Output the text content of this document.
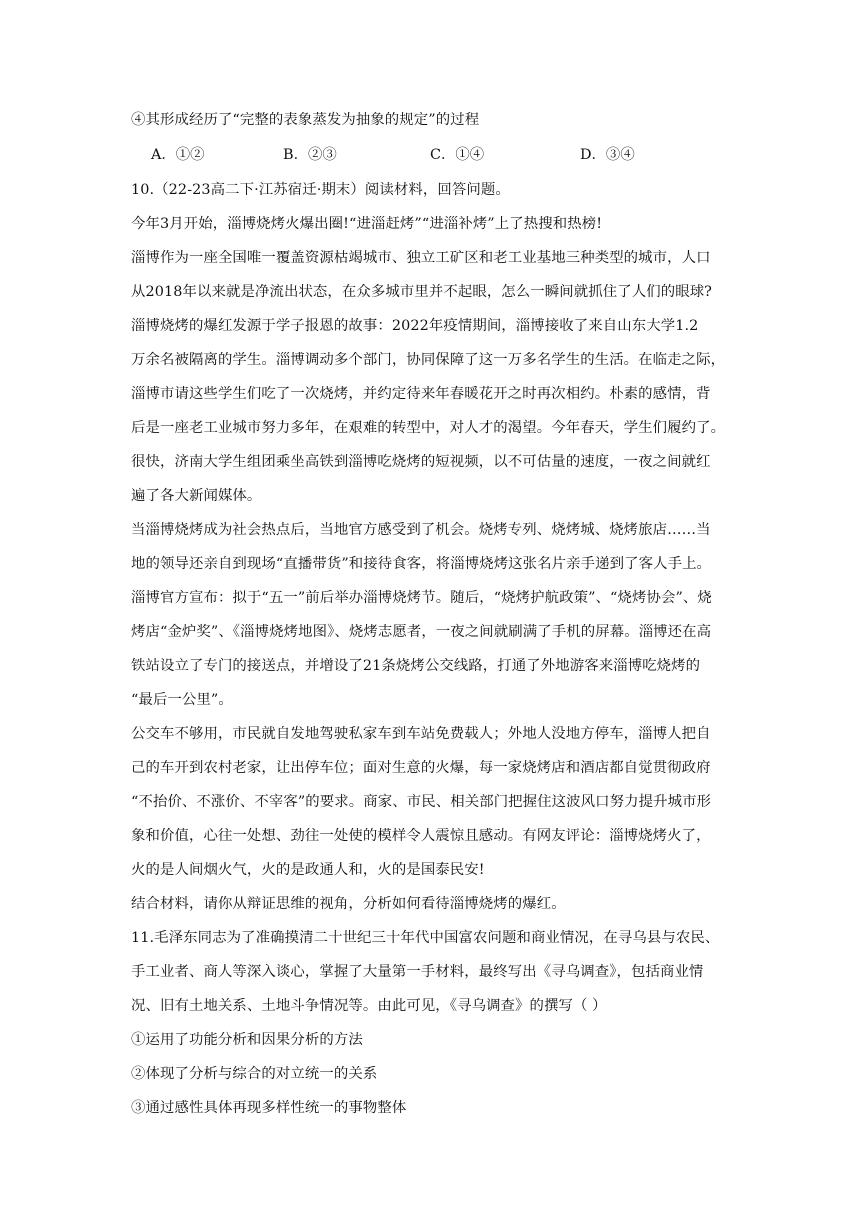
④其形成经历了“完整的表象蒸发为抽象的规定”的过程
A．①②	B．②③	C．①④	D．③④
10.（22-23高二下·江苏宿迁·期末）阅读材料，回答问题。
今年3月开始，淄博烧烤火爆出圈!“进淄赶烤”“进淄补烤”上了热搜和热榜!
淄博作为一座全国唯一覆盖资源枯竭城市、独立工矿区和老工业基地三种类型的城市，人口
从2018年以来就是净流出状态，在众多城市里并不起眼，怎么一瞬间就抓住了人们的眼球?
淄博烧烤的爆红发源于学子报恩的故事：2022年疫情期间，淄博接收了来自山东大学1.2
万余名被隔离的学生。淄博调动多个部门，协同保障了这一万多名学生的生活。在临走之际，
淄博市请这些学生们吃了一次烧烤，并约定待来年春暖花开之时再次相约。朴素的感情，背
后是一座老工业城市努力多年，在艰难的转型中，对人才的渴望。今年春天，学生们履约了。
很快，济南大学生组团乘坐高铁到淄博吃烧烤的短视频，以不可估量的速度，一夜之间就红
遍了各大新闻媒体。
当淄博烧烤成为社会热点后，当地官方感受到了机会。烧烤专列、烧烤城、烧烤旅店……当
地的领导还亲自到现场“直播带货”和接待食客，将淄博烧烤这张名片亲手递到了客人手上。
淄博官方宣布：拟于“五一”前后举办淄博烧烤节。随后，“烧烤护航政策”、“烧烤协会”、烧
烤店“金炉奖”、《淄博烧烤地图》、烧烤志愿者，一夜之间就刷满了手机的屏幕。淄博还在高
铁站设立了专门的接送点，并增设了21条烧烤公交线路，打通了外地游客来淄博吃烧烤的
“最后一公里”。
公交车不够用，市民就自发地驾驶私家车到车站免费载人；外地人没地方停车，淄博人把自
己的车开到农村老家，让出停车位；面对生意的火爆，每一家烧烤店和酒店都自觉贯彻政府
“不抬价、不涨价、不宰客”的要求。商家、市民、相关部门把握住这波风口努力提升城市形
象和价值，心往一处想、劲往一处使的模样令人震惊且感动。有网友评论：淄博烧烤火了，
火的是人间烟火气，火的是政通人和，火的是国泰民安!
结合材料，请你从辩证思维的视角，分析如何看待淄博烧烤的爆红。
11.毛泽东同志为了准确摸清二十世纪三十年代中国富农问题和商业情况，在寻乌县与农民、
手工业者、商人等深入谈心，掌握了大量第一手材料，最终写出《寻乌调查》，包括商业情
况、旧有土地关系、土地斗争情况等。由此可见，《寻乌调查》的撰写（ ）
①运用了功能分析和因果分析的方法
②体现了分析与综合的对立统一的关系
③通过感性具体再现多样性统一的事物整体
